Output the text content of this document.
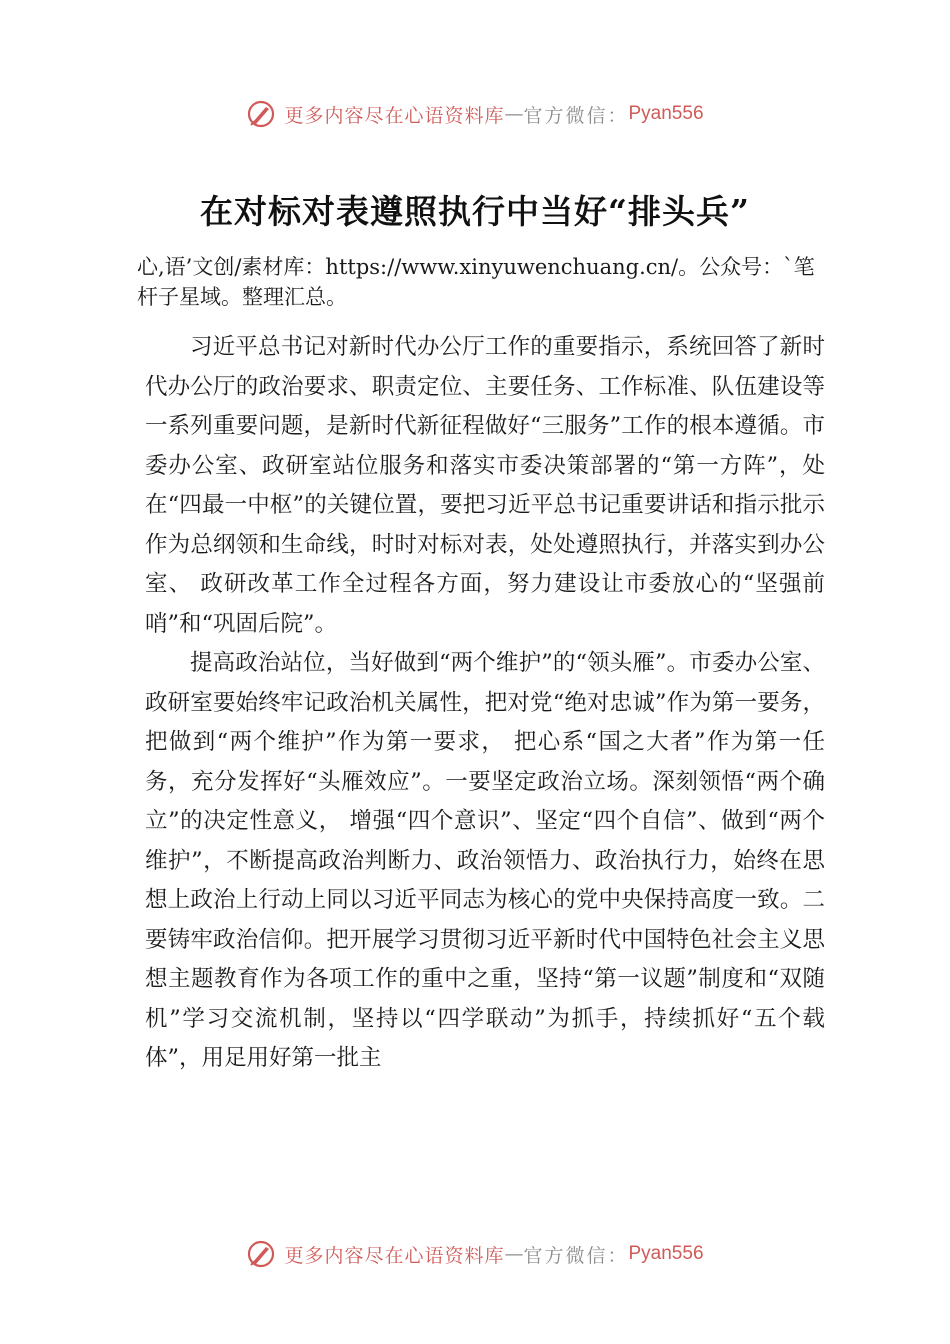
更多内容尽在心语资料库 — 官方微信： Pyan556
在对标对表遵照执行中当好“排头兵”

心,语’文创/素材库：https://www.xinyuwenchuang.cn/。公众号：`笔杆子星域。整理汇总。

习近平总书记对新时代办公厅工作的重要指示，系统回答了新时代办公厅的政治要求、职责定位、主要任务、工作标准、队伍建设等一系列重要问题，是新时代新征程做好“三服务”工作的根本遵循。市委办公室、政研室站位服务和落实市委决策部署的“第一方阵”，处在“四最一中枢”的关键位置，要把习近平总书记重要讲话和指示批示作为总纲领和生命线，时时对标对表，处处遵照执行，并落实到办公室、 政研改革工作全过程各方面，努力建设让市委放心的“坚强前哨”和“巩固后院”。

提高政治站位，当好做到“两个维护”的“领头雁”。市委办公室、政研室要始终牢记政治机关属性，把对党“绝对忠诚”作为第一要务，把做到“两个维护”作为第一要求， 把心系“国之大者”作为第一任务，充分发挥好“头雁效应”。一要坚定政治立场。深刻领悟“两个确立”的决定性意义， 增强“四个意识”、坚定“四个自信”、做到“两个维护”，不断提高政治判断力、政治领悟力、政治执行力，始终在思想上政治上行动上同以习近平同志为核心的党中央保持高度一致。二要铸牢政治信仰。把开展学习贯彻习近平新时代中国特色社会主义思想主题教育作为各项工作的重中之重，坚持“第一议题”制度和“双随机”学习交流机制，坚持以“四学联动”为抓手，持续抓好“五个载体”，用足用好第一批主

更多内容尽在心语资料库 — 官方微信： Pyan556
